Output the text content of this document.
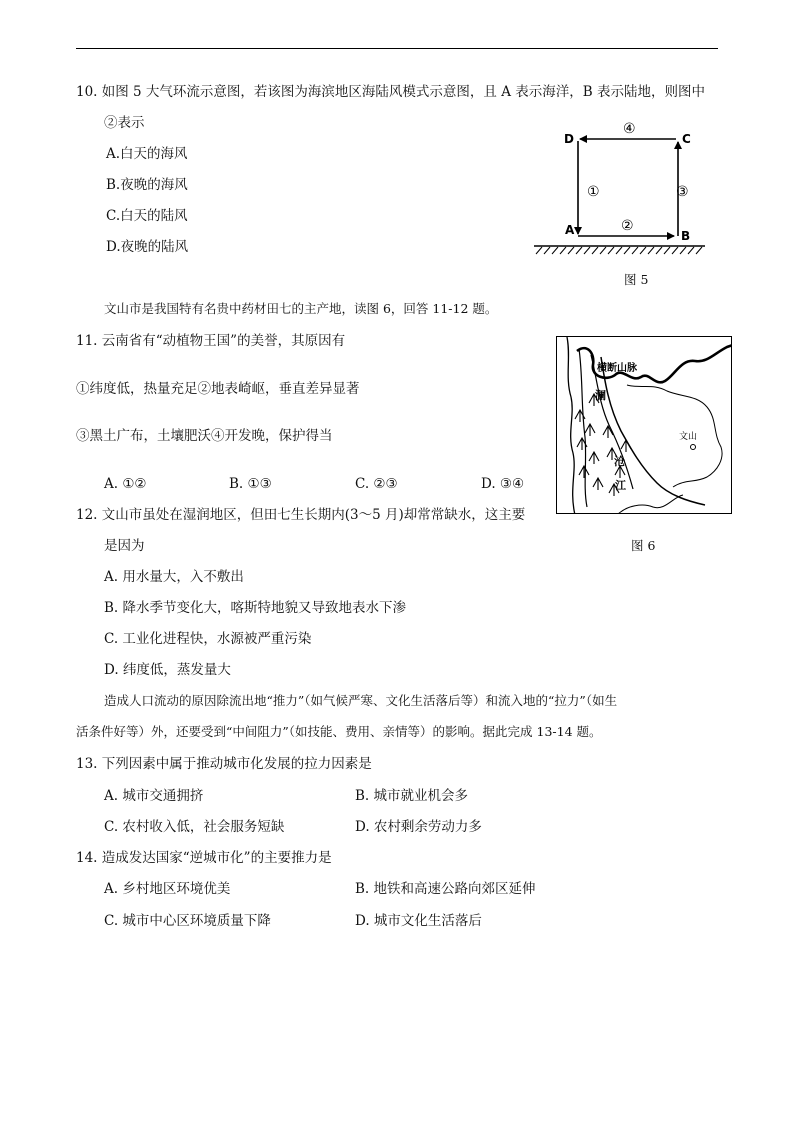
10. 如图 5 大气环流示意图，若该图为海滨地区海陆风模式示意图，且 A 表示海洋，B 表示陆地，则图中
②表示
A.白天的海风
B.夜晚的海风
C.白天的陆风
D.夜晚的陆风
D	C
A	B
④
①	③
②
图 5
文山市是我国特有名贵中药材田七的主产地，读图 6，回答 11-12 题。
11. 云南省有“动植物王国”的美誉，其原因有
①纬度低，热量充足②地表崎岖，垂直差异显著
③黑土广布，土壤肥沃④开发晚，保护得当
A. ①②	B. ①③	C. ②③	D. ③④
横断山脉
澜
沧
江
文山
图 6
12. 文山市虽处在湿润地区，但田七生长期内(3～5 月)却常常缺水，这主要
是因为
A. 用水量大，入不敷出
B. 降水季节变化大，喀斯特地貌又导致地表水下渗
C. 工业化进程快，水源被严重污染
D. 纬度低，蒸发量大
造成人口流动的原因除流出地“推力”（如气候严寒、文化生活落后等）和流入地的“拉力”（如生
活条件好等）外，还要受到“中间阻力”（如技能、费用、亲情等）的影响。据此完成 13-14 题。
13. 下列因素中属于推动城市化发展的拉力因素是
A. 城市交通拥挤	B. 城市就业机会多
C. 农村收入低，社会服务短缺	D. 农村剩余劳动力多
14. 造成发达国家“逆城市化”的主要推力是
A. 乡村地区环境优美	B. 地铁和高速公路向郊区延伸
C. 城市中心区环境质量下降	D. 城市文化生活落后
